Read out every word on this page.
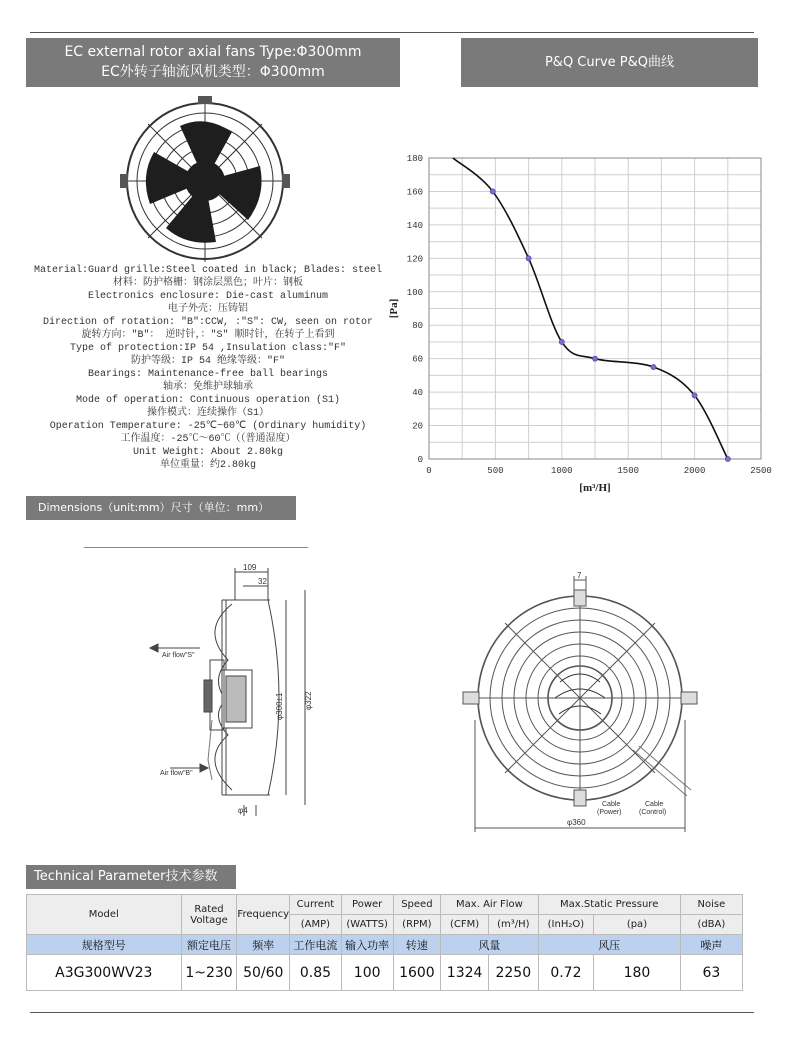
EC external rotor axial fans Type:Φ300mm
EC外转子轴流风机类型：Φ300mm
P&Q Curve P&Q曲线
Material:Guard grille:Steel coated in black; Blades: steel
材料：防护格栅：钢涂层黑色；叶片：钢板
Electronics enclosure: Die-cast aluminum
电子外壳：压铸铝
Direction of rotation: "B":CCW, :"S": CW, seen on rotor
旋转方向："B"： 逆时针，："S" 顺时针，在转子上看到
Type of protection:IP 54 ,Insulation class:"F"
防护等级：IP 54 绝缘等级："F"
Bearings: Maintenance-free ball bearings
轴承：免维护球轴承
Mode of operation: Continuous operation (S1)
操作模式：连续操作（S1）
Operation Temperature: -25℃~60℃ (Ordinary humidity)
工作温度：-25℃〜60℃（（普通湿度）
Unit Weight: About 2.80kg
单位重量：约2.80kg	0	500	1000	1500	2000	2500
0
20
40
60
80
100
120
140
160
180
[m³/H]
[Pa]
Dimensions（unit:mm）尺寸（单位：mm）
109
32
φ300±1	φ322
φ4
Air flow"S"
Air flow"B"
7
φ360
Cable (Power)
Cable (Control)
Technical Parameter技术参数
Model	Rated Voltage	Frequency	Current	Power	Speed	Max. Air Flow		Max.Static Pressure		Noise
			(AMP)	(WATTS)	(RPM)	(CFM)	(m³/H)	(InH₂O)	(pa)	(dBA)
规格型号	额定电压	频率	工作电流	输入功率	转速	风量		风压		噪声
A3G300WV23	1~230	50/60	0.85	100	1600	1324	2250	0.72	180	63
